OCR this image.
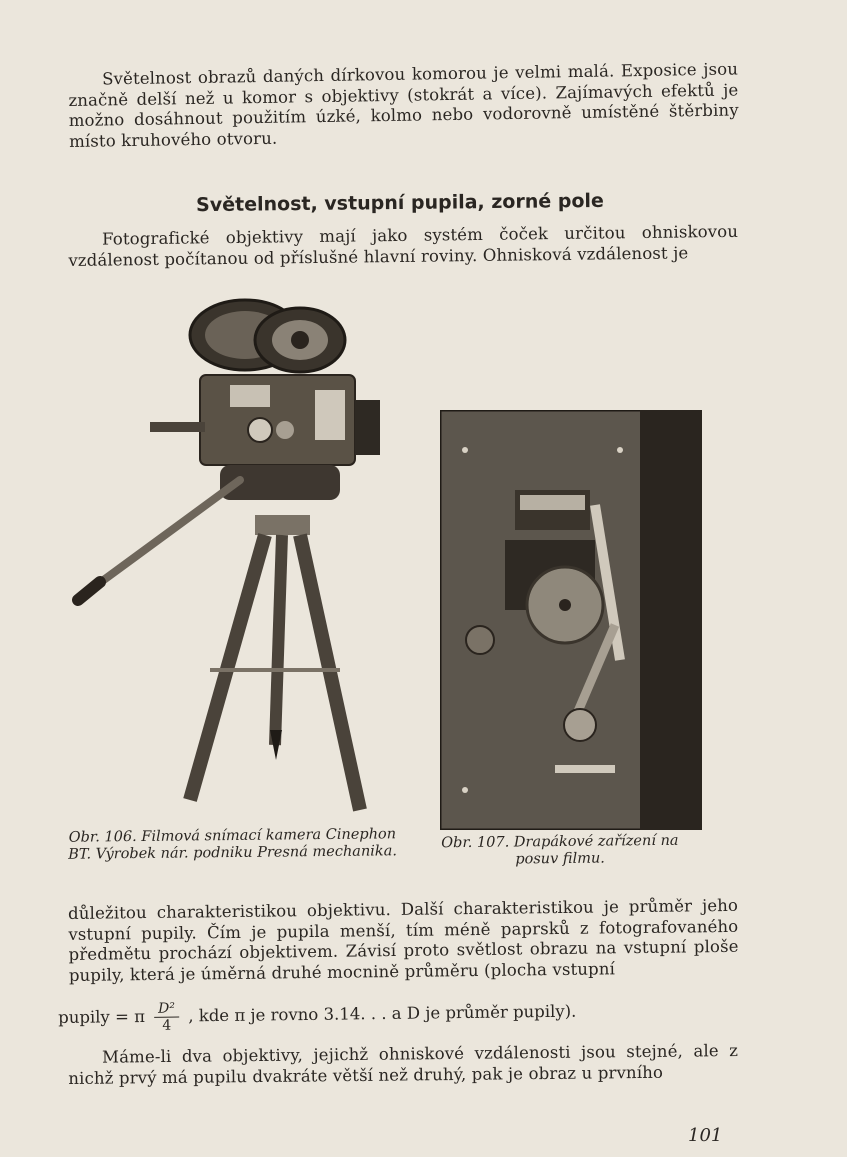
Světelnost obrazů daných dírkovou komorou je velmi malá. Exposice jsou značně delší než u komor s objektivy (stokrát a více). Zajímavých efektů je možno dosáhnout použitím úzké, kolmo nebo vodorovně umístěné štěrbiny místo kruhového otvoru.

Světelnost, vstupní pupila, zorné pole

Fotografické objektivy mají jako systém čoček určitou ohniskovou vzdálenost počítanou od příslušné hlavní roviny. Ohnisková vzdálenost je

Obr. 106. Filmová snímací kamera Cinephon BT. Výrobek nár. podniku Presná mechanika.
Obr. 107. Drapákové zařízení na posuv filmu.

důležitou charakteristikou objektivu. Další charakteristikou je průměr jeho vstupní pupily. Čím je pupila menší, tím méně paprsků z fotografovaného předmětu prochází objektivem. Závisí proto světlost obrazu na vstupní ploše pupily, která je úměrná druhé mocnině průměru (plocha vstupní

pupily = π $\frac{\text{D²}}{4}$ , kde π je rovno 3.14. . . a D je průměr pupily).

Máme-li dva objektivy, jejichž ohniskové vzdálenosti jsou stejné, ale z nichž prvý má pupilu dvakráte větší než druhý, pak je obraz u prvního

101
